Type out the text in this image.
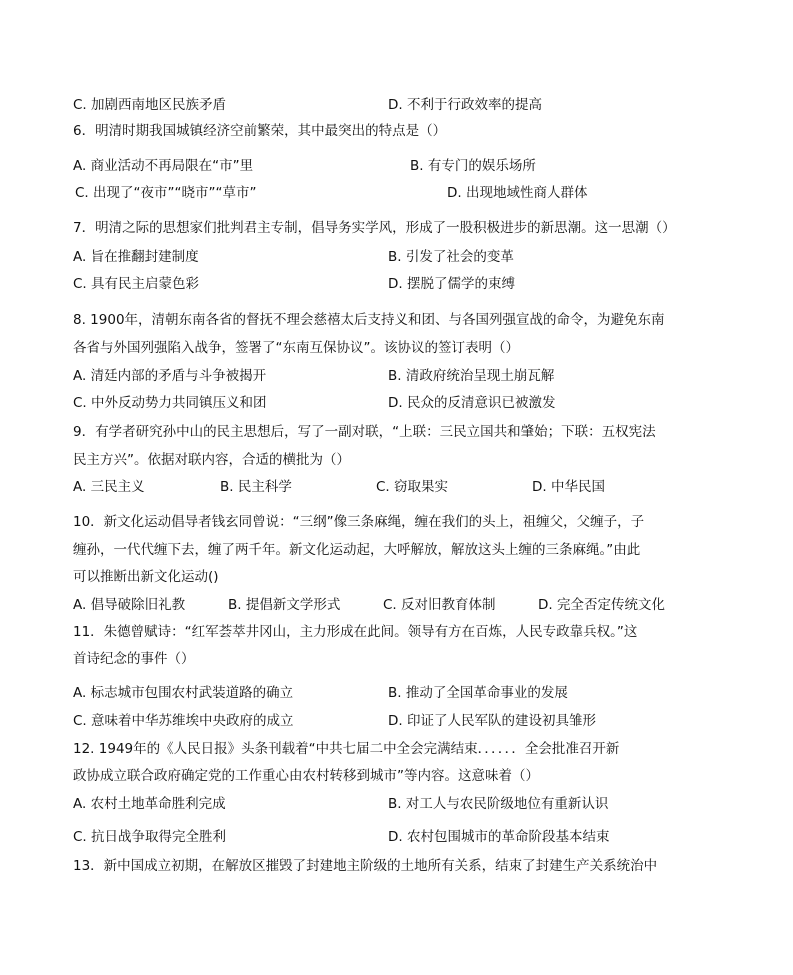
C. 加剧西南地区民族矛盾	D. 不利于行政效率的提高
6．明清时期我国城镇经济空前繁荣，其中最突出的特点是（）
A. 商业活动不再局限在“市”里	B. 有专门的娱乐场所
C. 出现了“夜市”“晓市”“草市”	D. 出现地域性商人群体
7．明清之际的思想家们批判君主专制，倡导务实学风，形成了一股积极进步的新思潮。这一思潮（）
A. 旨在推翻封建制度	B. 引发了社会的变革
C. 具有民主启蒙色彩	D. 摆脱了儒学的束缚
8. 1900年，清朝东南各省的督抚不理会慈禧太后支持义和团、与各国列强宣战的命令，为避免东南
各省与外国列强陷入战争，签署了“东南互保协议”。该协议的签订表明（）
A. 清廷内部的矛盾与斗争被揭开	B. 清政府统治呈现土崩瓦解
C. 中外反动势力共同镇压义和团	D. 民众的反清意识已被激发
9．有学者研究孙中山的民主思想后，写了一副对联，“上联：三民立国共和肇始；下联：五权宪法
民主方兴”。依据对联内容，合适的横批为（）
A. 三民主义	B. 民主科学	C. 窃取果实	D. 中华民国
10．新文化运动倡导者钱玄同曾说：“三纲”像三条麻绳，缠在我们的头上，祖缠父，父缠子，子
缠孙，一代代缠下去，缠了两千年。新文化运动起，大呼解放，解放这头上缠的三条麻绳。”由此
可以推断出新文化运动()
A. 倡导破除旧礼教	B. 提倡新文学形式	C. 反对旧教育体制	D. 完全否定传统文化
11．朱德曾赋诗：“红军荟萃井冈山，主力形成在此间。领导有方在百炼，人民专政靠兵权。”这
首诗纪念的事件（）
A. 标志城市包围农村武装道路的确立	B. 推动了全国革命事业的发展
C. 意味着中华苏维埃中央政府的成立	D. 印证了人民军队的建设初具雏形
12. 1949年的《人民日报》头条刊载着“中共七届二中全会完满结束．．．．．．全会批准召开新
政协成立联合政府确定党的工作重心由农村转移到城市”等内容。这意味着（）
A. 农村土地革命胜利完成	B. 对工人与农民阶级地位有重新认识
C. 抗日战争取得完全胜利	D. 农村包围城市的革命阶段基本结束
13．新中国成立初期，在解放区摧毁了封建地主阶级的土地所有关系，结束了封建生产关系统治中
